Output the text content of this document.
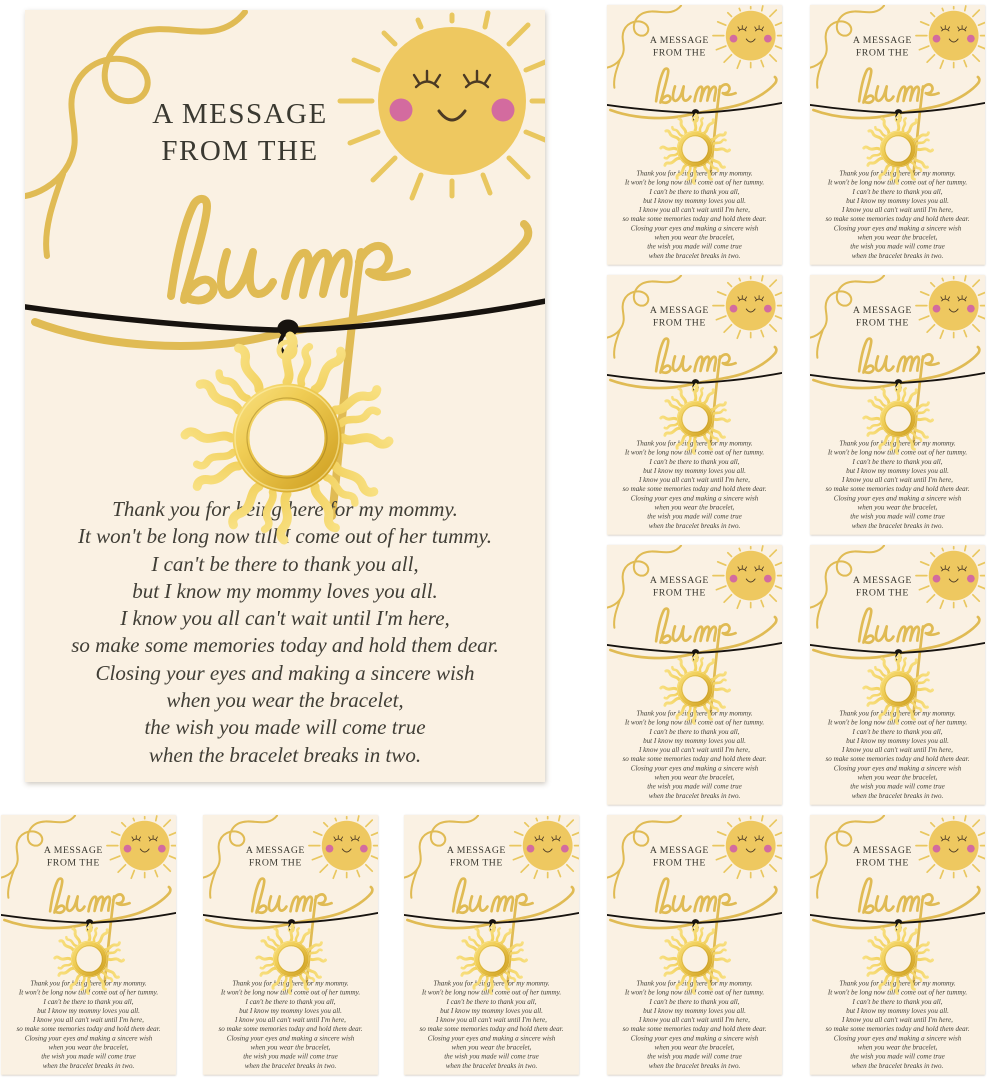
A MESSAGE
FROM THE
Thank you for being here for my mommy.
It won't be long now till I come out of her tummy.
I can't be there to thank you all,
but I know my mommy loves you all.
I know you all can't wait until I'm here,
so make some memories today and hold them dear.
Closing your eyes and making a sincere wish
when you wear the bracelet,
the wish you made will come true
when the bracelet breaks in two.
A MESSAGE
FROM THE
Thank you for being here for my mommy.
It won't be long now till I come out of her tummy.
I can't be there to thank you all,
but I know my mommy loves you all.
I know you all can't wait until I'm here,
so make some memories today and hold them dear.
Closing your eyes and making a sincere wish
when you wear the bracelet,
the wish you made will come true
when the bracelet breaks in two.
A MESSAGE
FROM THE
Thank you for being here for my mommy.
It won't be long now till I come out of her tummy.
I can't be there to thank you all,
but I know my mommy loves you all.
I know you all can't wait until I'm here,
so make some memories today and hold them dear.
Closing your eyes and making a sincere wish
when you wear the bracelet,
the wish you made will come true
when the bracelet breaks in two.
A MESSAGE
FROM THE
Thank you for being here for my mommy.
It won't be long now till I come out of her tummy.
I can't be there to thank you all,
but I know my mommy loves you all.
I know you all can't wait until I'm here,
so make some memories today and hold them dear.
Closing your eyes and making a sincere wish
when you wear the bracelet,
the wish you made will come true
when the bracelet breaks in two.
A MESSAGE
FROM THE
Thank you for being here for my mommy.
It won't be long now till I come out of her tummy.
I can't be there to thank you all,
but I know my mommy loves you all.
I know you all can't wait until I'm here,
so make some memories today and hold them dear.
Closing your eyes and making a sincere wish
when you wear the bracelet,
the wish you made will come true
when the bracelet breaks in two.
A MESSAGE
FROM THE
Thank you for being here for my mommy.
It won't be long now till I come out of her tummy.
I can't be there to thank you all,
but I know my mommy loves you all.
I know you all can't wait until I'm here,
so make some memories today and hold them dear.
Closing your eyes and making a sincere wish
when you wear the bracelet,
the wish you made will come true
when the bracelet breaks in two.
A MESSAGE
FROM THE
Thank you for being here for my mommy.
It won't be long now till I come out of her tummy.
I can't be there to thank you all,
but I know my mommy loves you all.
I know you all can't wait until I'm here,
so make some memories today and hold them dear.
Closing your eyes and making a sincere wish
when you wear the bracelet,
the wish you made will come true
when the bracelet breaks in two.
A MESSAGE
FROM THE
Thank you for being here for my mommy.
It won't be long now till I come out of her tummy.
I can't be there to thank you all,
but I know my mommy loves you all.
I know you all can't wait until I'm here,
so make some memories today and hold them dear.
Closing your eyes and making a sincere wish
when you wear the bracelet,
the wish you made will come true
when the bracelet breaks in two.
A MESSAGE
FROM THE
Thank you for being here for my mommy.
It won't be long now till I come out of her tummy.
I can't be there to thank you all,
but I know my mommy loves you all.
I know you all can't wait until I'm here,
so make some memories today and hold them dear.
Closing your eyes and making a sincere wish
when you wear the bracelet,
the wish you made will come true
when the bracelet breaks in two.
A MESSAGE
FROM THE
Thank you for being here for my mommy.
It won't be long now till I come out of her tummy.
I can't be there to thank you all,
but I know my mommy loves you all.
I know you all can't wait until I'm here,
so make some memories today and hold them dear.
Closing your eyes and making a sincere wish
when you wear the bracelet,
the wish you made will come true
when the bracelet breaks in two.
A MESSAGE
FROM THE
Thank you for being here for my mommy.
It won't be long now till I come out of her tummy.
I can't be there to thank you all,
but I know my mommy loves you all.
I know you all can't wait until I'm here,
so make some memories today and hold them dear.
Closing your eyes and making a sincere wish
when you wear the bracelet,
the wish you made will come true
when the bracelet breaks in two.
A MESSAGE
FROM THE
Thank you for being here for my mommy.
It won't be long now till I come out of her tummy.
I can't be there to thank you all,
but I know my mommy loves you all.
I know you all can't wait until I'm here,
so make some memories today and hold them dear.
Closing your eyes and making a sincere wish
when you wear the bracelet,
the wish you made will come true
when the bracelet breaks in two.
